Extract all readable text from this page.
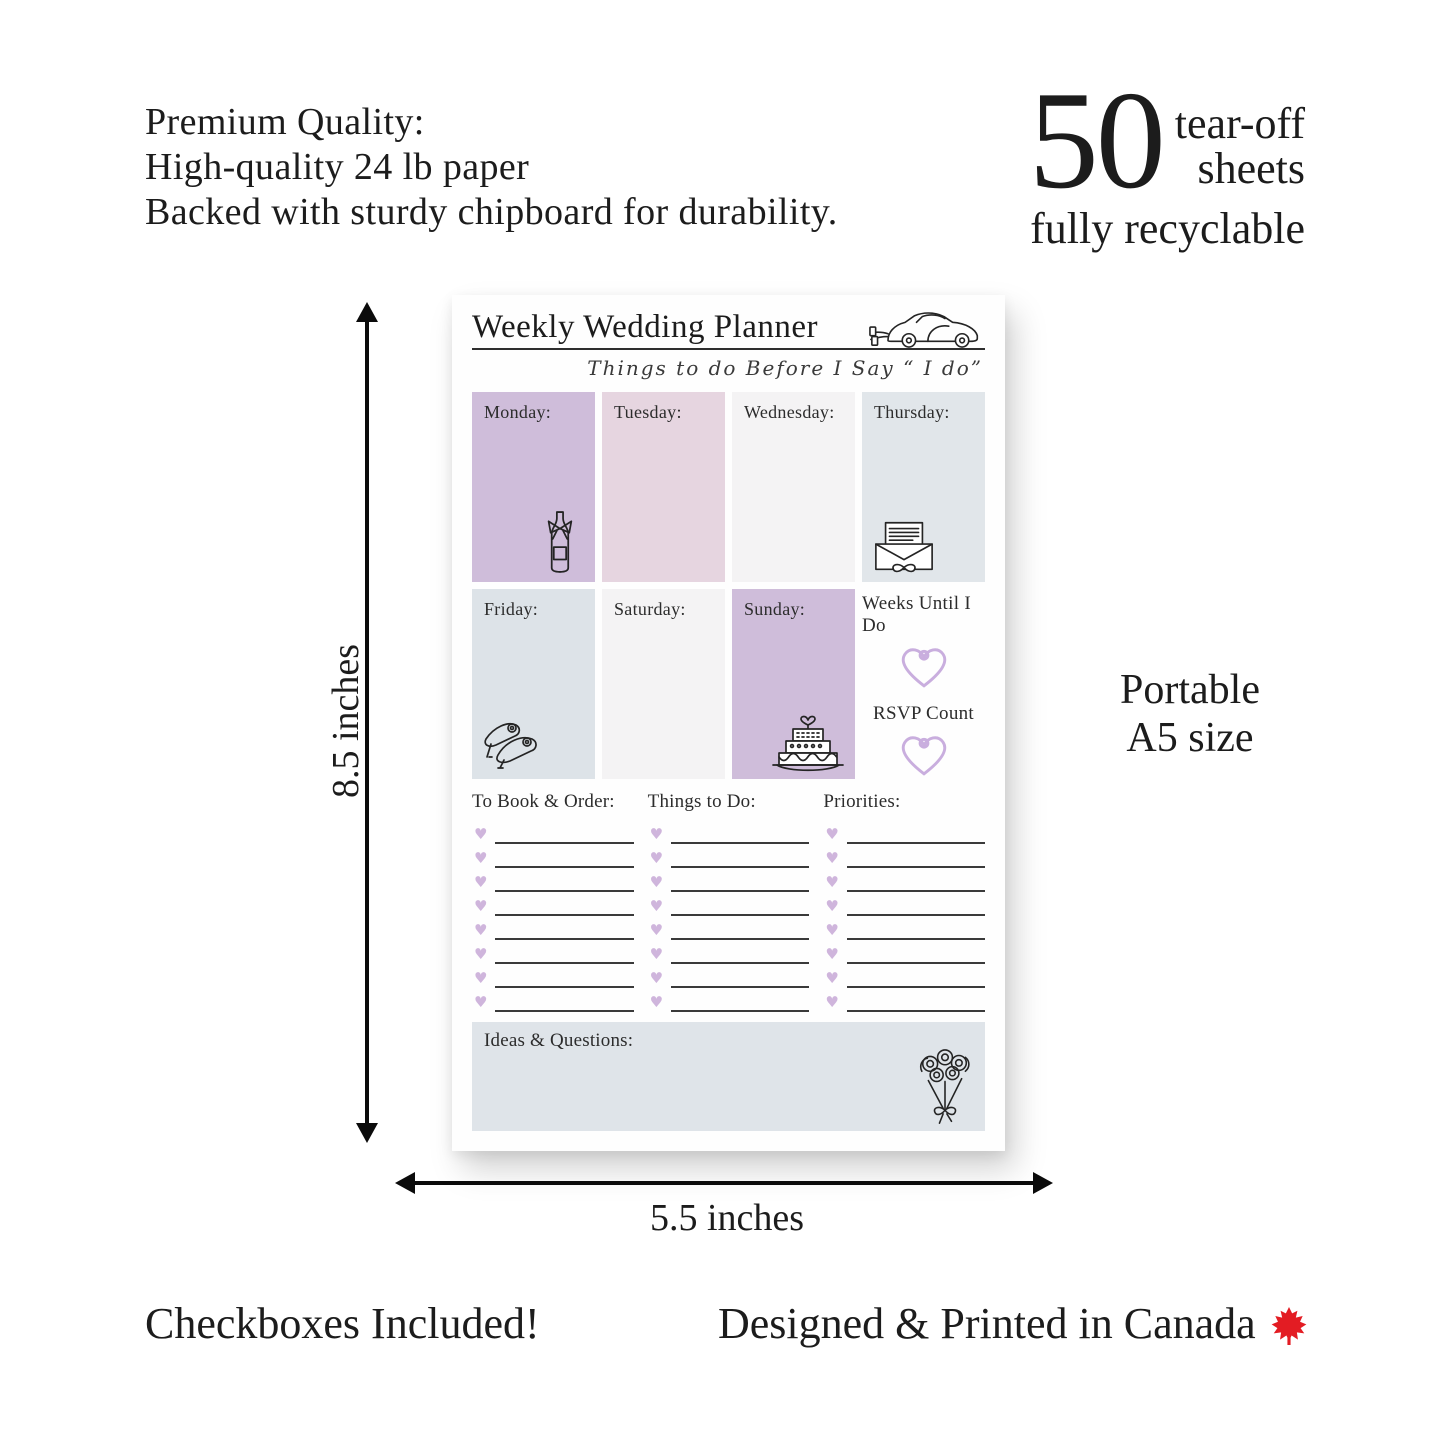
Premium Quality:
High-quality 24 lb paper
Backed with sturdy chipboard for durability. 50 tear-off
sheets
fully recyclable
8.5 inches
5.5 inches
Portable
A5 size
Weekly Wedding Planner
Things to do Before I Say “ I do”
Monday:	Tuesday:	Wednesday:	Thursday:
Friday:	Saturday:	Sunday:	Weeks Until I Do
RSVP Count
To Book & Order:
♥
♥
♥
♥
♥
♥
♥
♥
Things to Do:
♥
♥
♥
♥
♥
♥
♥
♥
Priorities:
♥
♥
♥
♥
♥
♥
♥
♥
Ideas & Questions:
Checkboxes Included!	Designed & Printed in Canada
